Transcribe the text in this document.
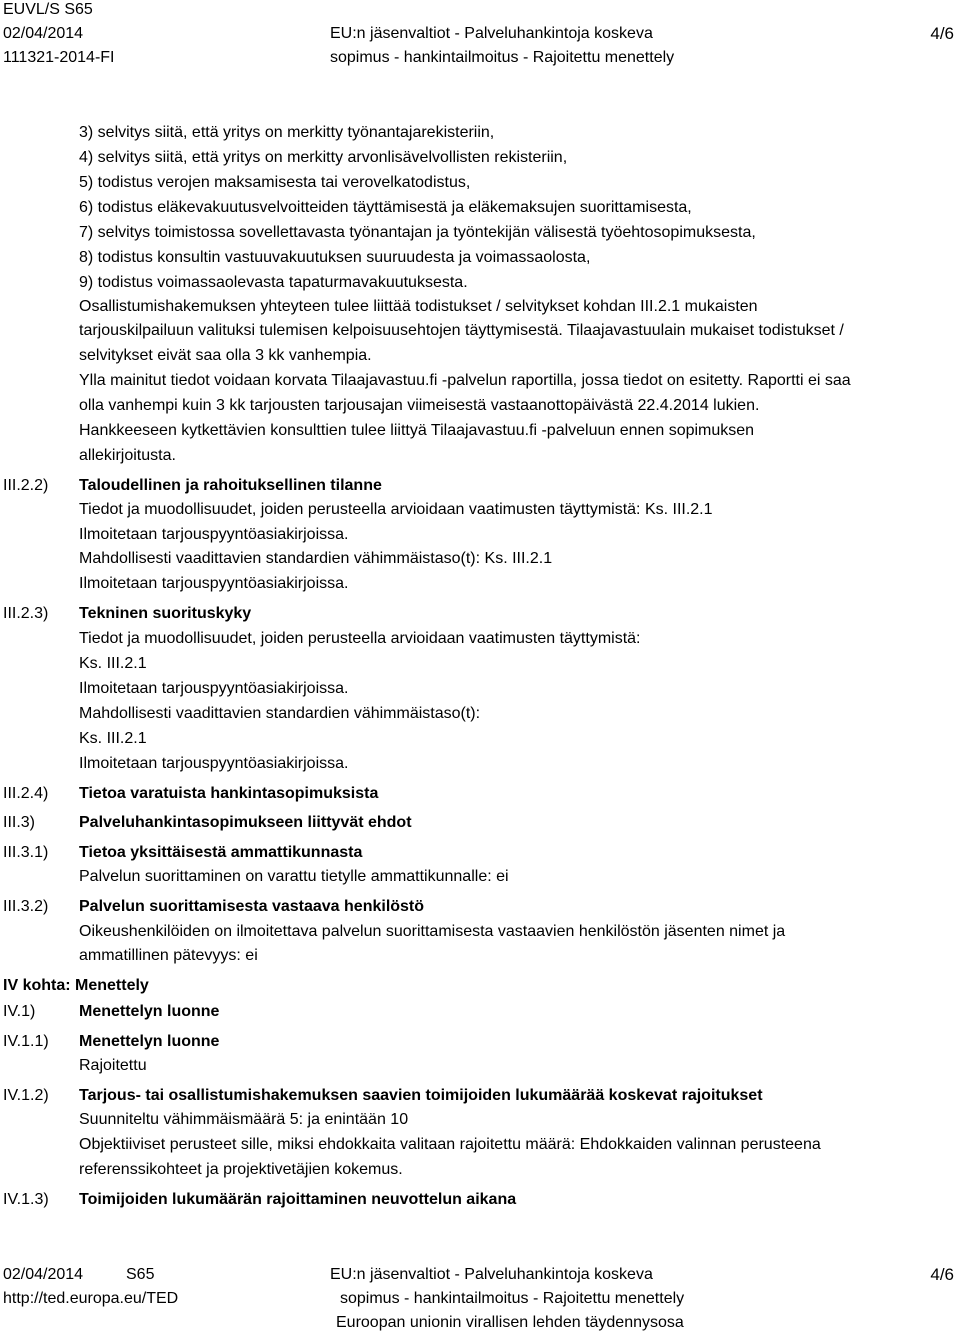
EUVL/S S65
02/04/2014
111321-2014-FI
EU:n jäsenvaltiot - Palveluhankintoja koskeva
sopimus - hankintailmoitus - Rajoitettu menettely
4/6
3) selvitys siitä, että yritys on merkitty työnantajarekisteriin,
4) selvitys siitä, että yritys on merkitty arvonlisävelvollisten rekisteriin,
5) todistus verojen maksamisesta tai verovelkatodistus,
6) todistus eläkevakuutusvelvoitteiden täyttämisestä ja eläkemaksujen suorittamisesta,
7) selvitys toimistossa sovellettavasta työnantajan ja työntekijän välisestä työehtosopimuksesta,
8) todistus konsultin vastuuvakuutuksen suuruudesta ja voimassaolosta,
9) todistus voimassaolevasta tapaturmavakuutuksesta.
Osallistumishakemuksen yhteyteen tulee liittää todistukset / selvitykset kohdan III.2.1 mukaisten
tarjouskilpailuun valituksi tulemisen kelpoisuusehtojen täyttymisestä. Tilaajavastuulain mukaiset todistukset /
selvitykset eivät saa olla 3 kk vanhempia.
Ylla mainitut tiedot voidaan korvata Tilaajavastuu.fi -palvelun raportilla, jossa tiedot on esitetty. Raportti ei saa
olla vanhempi kuin 3 kk tarjousten tarjousajan viimeisestä vastaanottopäivästä 22.4.2014 lukien.
Hankkeeseen kytkettävien konsulttien tulee liittyä Tilaajavastuu.fi -palveluun ennen sopimuksen
allekirjoitusta.
III.2.2) Taloudellinen ja rahoituksellinen tilanne
Tiedot ja muodollisuudet, joiden perusteella arvioidaan vaatimusten täyttymistä: Ks. III.2.1
Ilmoitetaan tarjouspyyntöasiakirjoissa.
Mahdollisesti vaadittavien standardien vähimmäistaso(t): Ks. III.2.1
Ilmoitetaan tarjouspyyntöasiakirjoissa.
III.2.3) Tekninen suorituskyky
Tiedot ja muodollisuudet, joiden perusteella arvioidaan vaatimusten täyttymistä:
Ks. III.2.1
Ilmoitetaan tarjouspyyntöasiakirjoissa.
Mahdollisesti vaadittavien standardien vähimmäistaso(t):
Ks. III.2.1
Ilmoitetaan tarjouspyyntöasiakirjoissa.
III.2.4) Tietoa varatuista hankintasopimuksista
III.3)	Palveluhankintasopimukseen liittyvät ehdot
III.3.1) Tietoa yksittäisestä ammattikunnasta
Palvelun suorittaminen on varattu tietylle ammattikunnalle: ei
III.3.2) Palvelun suorittamisesta vastaava henkilöstö
Oikeushenkilöiden on ilmoitettava palvelun suorittamisesta vastaavien henkilöstön jäsenten nimet ja
ammatillinen pätevyys: ei
IV kohta: Menettely
IV.1)	Menettelyn luonne
IV.1.1) Menettelyn luonne
Rajoitettu
IV.1.2) Tarjous- tai osallistumishakemuksen saavien toimijoiden lukumäärää koskevat rajoitukset
Suunniteltu vähimmäismäärä 5: ja enintään 10
Objektiiviset perusteet sille, miksi ehdokkaita valitaan rajoitettu määrä: Ehdokkaiden valinnan perusteena
referenssikohteet ja projektivetäjien kokemus.
IV.1.3) Toimijoiden lukumäärän rajoittaminen neuvottelun aikana
02/04/2014	S65
http://ted.europa.eu/TED
EU:n jäsenvaltiot - Palveluhankintoja koskeva
sopimus - hankintailmoitus - Rajoitettu menettely
Euroopan unionin virallisen lehden täydennysosa
4/6
